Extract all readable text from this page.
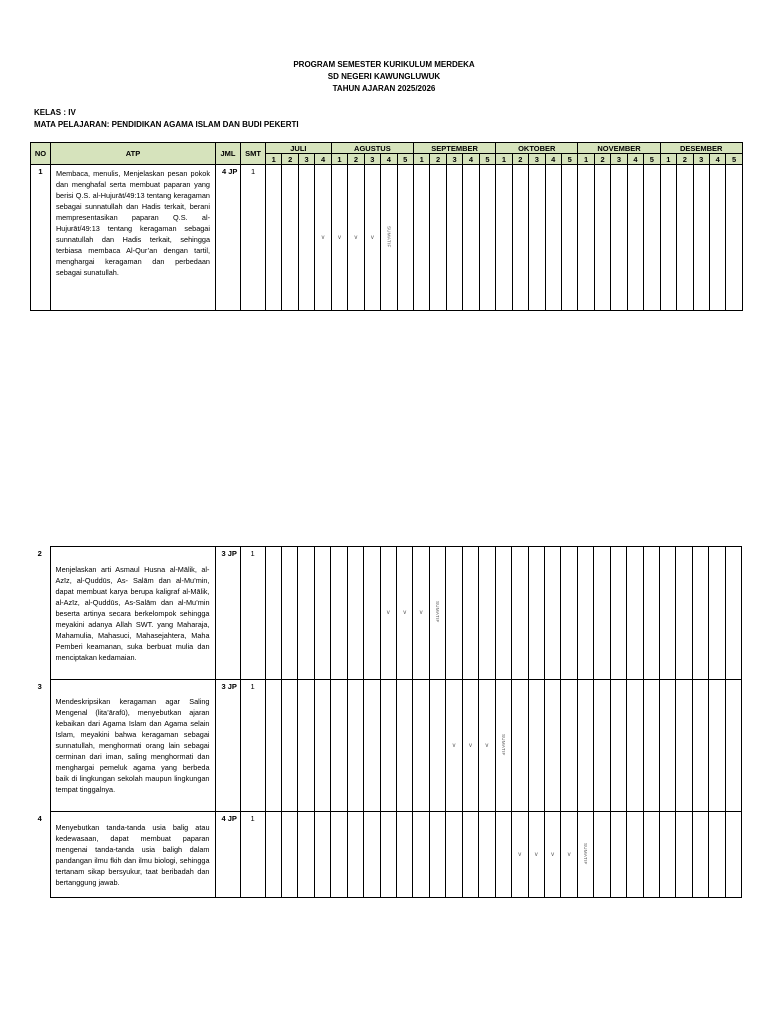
PROGRAM SEMESTER KURIKULUM MERDEKA
SD NEGERI KAWUNGLUWUK
TAHUN AJARAN 2025/2026
KELAS : IV
MATA PELAJARAN: PENDIDIKAN AGAMA ISLAM DAN BUDI PEKERTI
NO	ATP	JML	SMT	JULI				AGUSTUS					SEPTEMBER					OKTOBER					NOVEMBER					DESEMBER				
				1	2	3	4	1	2	3	4	5	1	2	3	4	5	1	2	3	4	5	1	2	3	4	5	1	2	3	4	5
1	Membaca, menulis, Menjelaskan pesan pokok dan menghafal serta membuat paparan yang berisi Q.S. al-Hujurāt/49:13 tentang keragaman sebagai sunnatullah dan Hadis terkait, berani mempresentasikan paparan Q.S. al-Hujurāt/49:13 tentang keragaman sebagai sunnatullah dan Hadis terkait, sehingga terbiasa membaca Al-Qur’an dengan tartil, menghargai keragaman dan perbedaan sebagai sunatullah.	4 JP	1				v	v	v	v	SUMATIF																					
2	Menjelaskan arti Asmaul Husna al-Mālik, al-Azīz, al-Quddūs, As- Salām dan al-Mu’min, dapat membuat karya berupa kaligraf al-Mālik, al-Azīz, al-Quddūs, As-Salām dan al-Mu’min beserta artinya secara berkelompok sehingga meyakini adanya Allah SWT. yang Maharaja, Mahamulia, Mahasuci, Mahasejahtera, Maha Pemberi keamanan, suka berbuat mulia dan menciptakan kedamaian.	3 JP	1								v	v	v	SUMATIF																		
3	Mendeskripsikan keragaman agar Saling Mengenal (lita’ārafū), menyebutkan ajaran kebaikan dari Agama Islam dan Agama selain Islam, meyakini bahwa keragaman sebagai sunnatullah, menghormati orang lain sebagai cerminan dari iman, saling menghormati dan menghargai pemeluk agama yang berbeda baik di lingkungan sekolah maupun lingkungan tempat tinggalnya.	3 JP	1												v	v	v	SUMATIF														
4	Menyebutkan tanda-tanda usia balig atau kedewasaan, dapat membuat paparan mengenai tanda-tanda usia baligh dalam pandangan ilmu fkih dan ilmu biologi, sehingga tertanam sikap bersyukur, taat beribadah dan bertanggung jawab.	4 JP	1																v	v	v	v	SUMATIF									
